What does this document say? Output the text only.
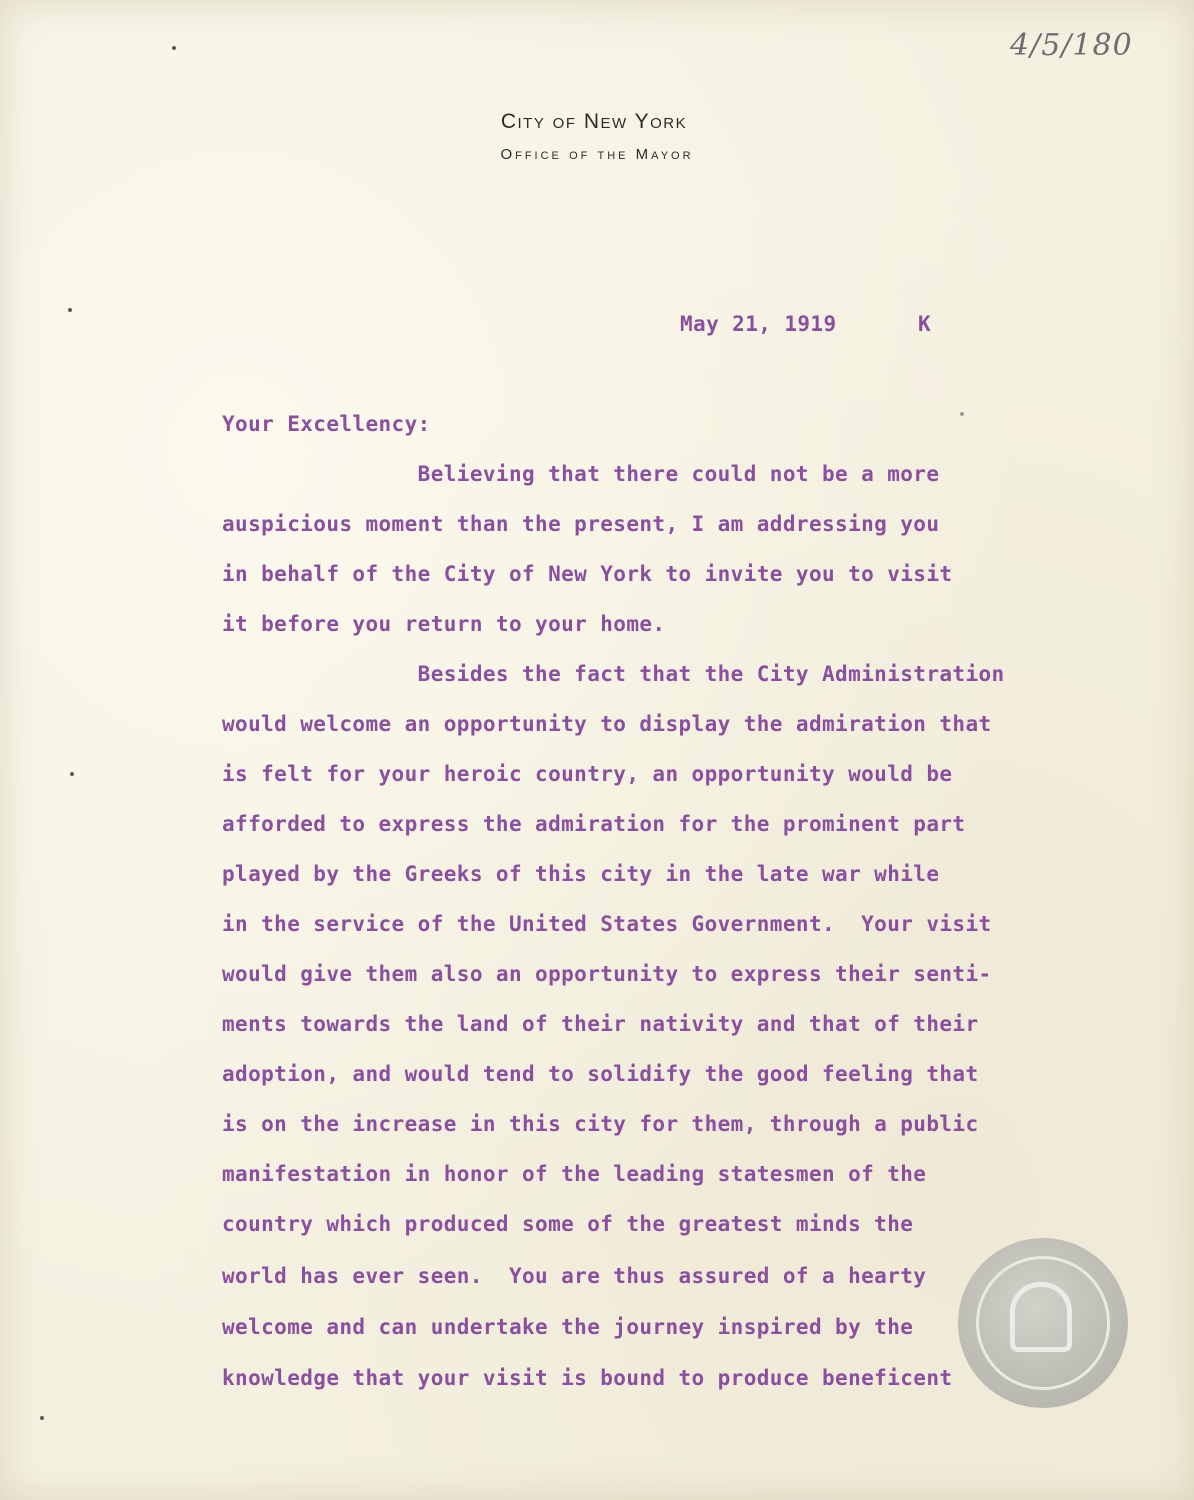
4/5/180
City of New York
Office of the Mayor
May 21, 1919	K
Your Excellency:
Believing that there could not be a more
auspicious moment than the present, I am addressing you
in behalf of the City of New York to invite you to visit
it before you return to your home.
Besides the fact that the City Administration
would welcome an opportunity to display the admiration that
is felt for your heroic country, an opportunity would be
afforded to express the admiration for the prominent part
played by the Greeks of this city in the late war while
in the service of the United States Government.  Your visit
would give them also an opportunity to express their senti-
ments towards the land of their nativity and that of their
adoption, and would tend to solidify the good feeling that
is on the increase in this city for them, through a public
manifestation in honor of the leading statesmen of the
country which produced some of the greatest minds the
world has ever seen.  You are thus assured of a hearty
welcome and can undertake the journey inspired by the
knowledge that your visit is bound to produce beneficent
